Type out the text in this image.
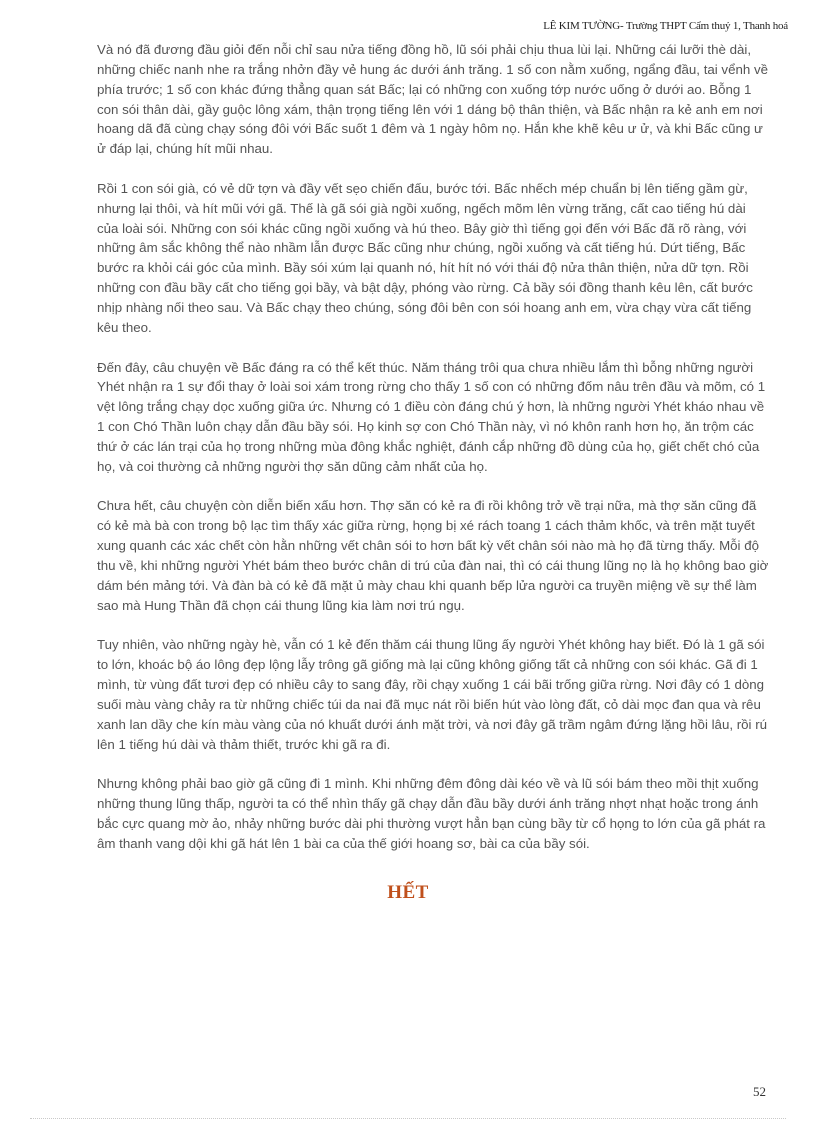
LÊ KIM TƯỜNG- Trường THPT Cẩm thuỷ 1, Thanh hoá

Và nó đã đương đầu giỏi đến nỗi chỉ sau nửa tiếng đồng hồ, lũ sói phải chịu thua lùi lại. Những cái lưỡi thè dài, những chiếc nanh nhe ra trắng nhởn đầy vẻ hung ác dưới ánh trăng. 1 số con nằm xuống, ngẩng đầu, tai vểnh về phía trước; 1 số con khác đứng thẳng quan sát Bấc; lại có những con xuống tớp nước uống ở dưới ao. Bỗng 1 con sói thân dài, gầy guộc lông xám, thận trọng tiếng lên với 1 dáng bộ thân thiện, và Bấc nhận ra kẻ anh em nơi hoang dã đã cùng chạy sóng đôi với Bấc suốt 1 đêm và 1 ngày hôm nọ. Hắn khe khẽ kêu ư ử, và khi Bấc cũng ư ử đáp lại, chúng hít mũi nhau.

Rồi 1 con sói già, có vẻ dữ tợn và đầy vết sẹo chiến đấu, bước tới. Bấc nhếch mép chuẩn bị lên tiếng gầm gừ, nhưng lại thôi, và hít mũi với gã. Thế là gã sói già ngồi xuống, ngếch mõm lên vừng trăng, cất cao tiếng hú dài của loài sói. Những con sói khác cũng ngồi xuống và hú theo. Bây giờ thì tiếng gọi đến với Bấc đã rõ ràng, với những âm sắc không thể nào nhầm lẫn được Bấc cũng như chúng, ngồi xuống và cất tiếng hú. Dứt tiếng, Bấc bước ra khỏi cái góc của mình. Bầy sói xúm lại quanh nó, hít hít nó với thái độ nửa thân thiện, nửa dữ tợn. Rồi những con đầu bầy cất cho tiếng gọi bầy, và bật dậy, phóng vào rừng. Cả bầy sói đồng thanh kêu lên, cất bước nhịp nhàng nối theo sau. Và Bấc chạy theo chúng, sóng đôi bên con sói hoang anh em, vừa chạy vừa cất tiếng kêu theo.

Đến đây, câu chuyện về Bấc đáng ra có thể kết thúc. Năm tháng trôi qua chưa nhiều lắm thì bỗng những người Yhét nhận ra 1 sự đổi thay ở loài soi xám trong rừng cho thấy 1 số con có những đốm nâu trên đầu và mõm, có 1 vệt lông trắng chạy dọc xuống giữa ức. Nhưng có 1 điều còn đáng chú ý hơn, là những người Yhét kháo nhau về 1 con Chó Thần luôn chạy dẫn đầu bầy sói. Họ kinh sợ con Chó Thần này, vì nó khôn ranh hơn họ, ăn trộm các thứ ở các lán trại của họ trong những mùa đông khắc nghiệt, đánh cắp những đồ dùng của họ, giết chết chó của họ, và coi thường cả những người thợ săn dũng cảm nhất của họ.

Chưa hết, câu chuyện còn diễn biến xấu hơn. Thợ săn có kẻ ra đi rồi không trở về trại nữa, mà thợ săn cũng đã có kẻ mà bà con trong bộ lạc tìm thấy xác giữa rừng, họng bị xé rách toang 1 cách thảm khốc, và trên mặt tuyết xung quanh các xác chết còn hằn những vết chân sói to hơn bất kỳ vết chân sói nào mà họ đã từng thấy. Mỗi độ thu về, khi những người Yhét bám theo bước chân di trú của đàn nai, thì có cái thung lũng nọ là họ không bao giờ dám bén mảng tới. Và đàn bà có kẻ đã mặt ủ mày chau khi quanh bếp lửa người ca truyền miệng về sự thể làm sao mà Hung Thần đã chọn cái thung lũng kia làm nơi trú ngụ.

Tuy nhiên, vào những ngày hè, vẫn có 1 kẻ đến thăm cái thung lũng ấy người Yhét không hay biết. Đó là 1 gã sói to lớn, khoác bộ áo lông đẹp lộng lẫy trông gã giống mà lại cũng không giống tất cả những con sói khác. Gã đi 1 mình, từ vùng đất tươi đẹp có nhiều cây to sang đây, rồi chạy xuống 1 cái bãi trống giữa rừng. Nơi đây có 1 dòng suối màu vàng chảy ra từ những chiếc túi da nai đã mục nát rồi biến hút vào lòng đất, cỏ dài mọc đan qua và rêu xanh lan dầy che kín màu vàng của nó khuất dưới ánh mặt trời, và nơi đây gã trầm ngâm đứng lặng hồi lâu, rồi rú lên 1 tiếng hú dài và thảm thiết, trước khi gã ra đi.

Nhưng không phải bao giờ gã cũng đi 1 mình. Khi những đêm đông dài kéo về và lũ sói bám theo mồi thịt xuống những thung lũng thấp, người ta có thể nhìn thấy gã chạy dẫn đầu bầy dưới ánh trăng nhợt nhạt hoặc trong ánh bắc cực quang mờ ảo, nhảy những bước dài phi thường vượt hẳn bạn cùng bầy từ cổ họng to lớn của gã phát ra âm thanh vang dội khi gã hát lên 1 bài ca của thế giới hoang sơ, bài ca của bầy sói.

HẾT
52
